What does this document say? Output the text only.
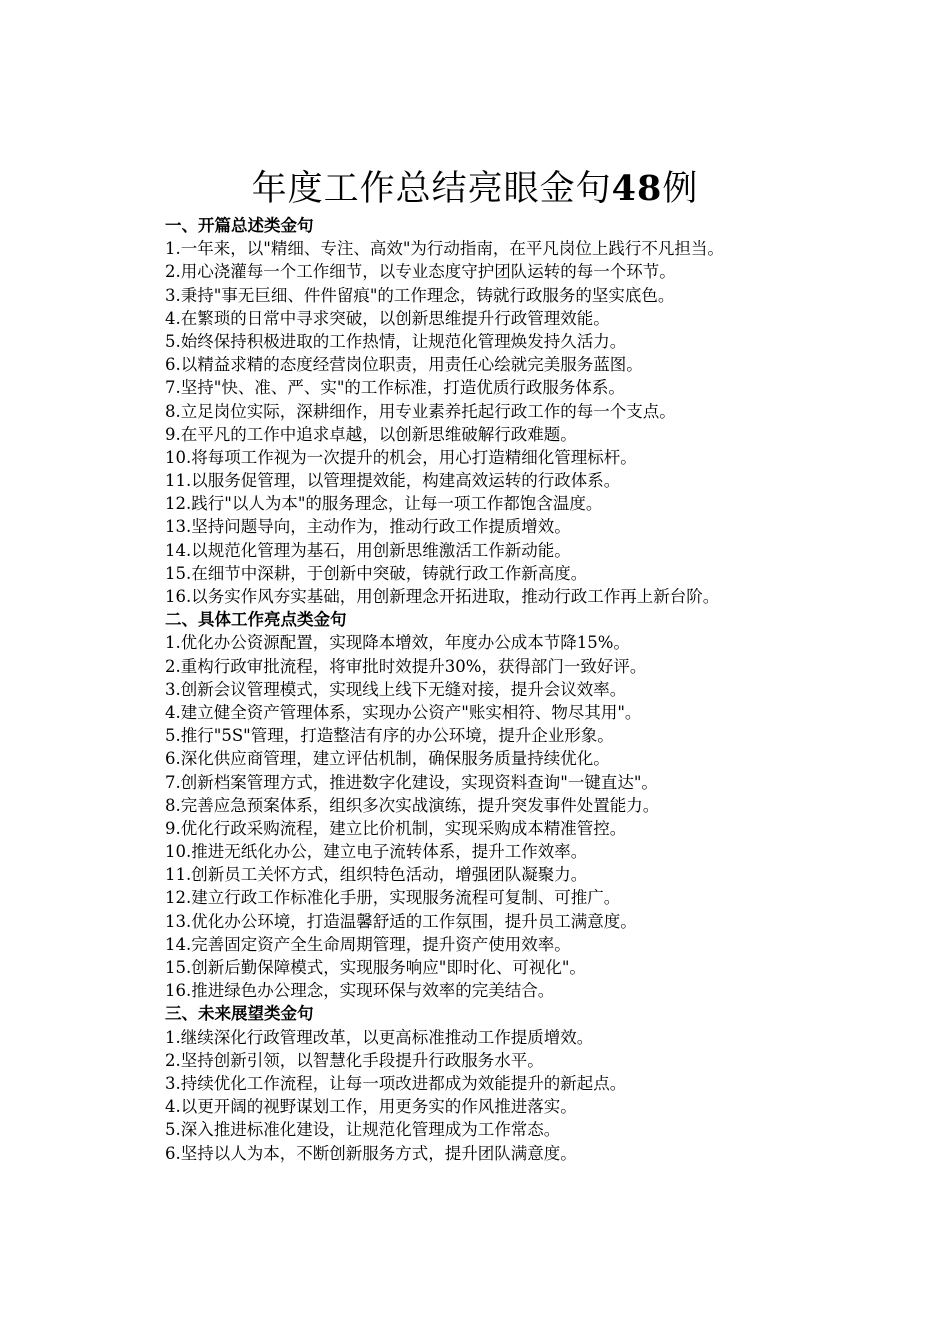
年度工作总结亮眼金句48例

一、开篇总述类金句

1.一年来，以"精细、专注、高效"为行动指南，在平凡岗位上践行不凡担当。

2.用心浇灌每一个工作细节，以专业态度守护团队运转的每一个环节。

3.秉持"事无巨细、件件留痕"的工作理念，铸就行政服务的坚实底色。

4.在繁琐的日常中寻求突破，以创新思维提升行政管理效能。

5.始终保持积极进取的工作热情，让规范化管理焕发持久活力。

6.以精益求精的态度经营岗位职责，用责任心绘就完美服务蓝图。

7.坚持"快、准、严、实"的工作标准，打造优质行政服务体系。

8.立足岗位实际，深耕细作，用专业素养托起行政工作的每一个支点。

9.在平凡的工作中追求卓越，以创新思维破解行政难题。

10.将每项工作视为一次提升的机会，用心打造精细化管理标杆。

11.以服务促管理，以管理提效能，构建高效运转的行政体系。

12.践行"以人为本"的服务理念，让每一项工作都饱含温度。

13.坚持问题导向，主动作为，推动行政工作提质增效。

14.以规范化管理为基石，用创新思维激活工作新动能。

15.在细节中深耕，于创新中突破，铸就行政工作新高度。

16.以务实作风夯实基础，用创新理念开拓进取，推动行政工作再上新台阶。

二、具体工作亮点类金句

1.优化办公资源配置，实现降本增效，年度办公成本节降15%。

2.重构行政审批流程，将审批时效提升30%，获得部门一致好评。

3.创新会议管理模式，实现线上线下无缝对接，提升会议效率。

4.建立健全资产管理体系，实现办公资产"账实相符、物尽其用"。

5.推行"5S"管理，打造整洁有序的办公环境，提升企业形象。

6.深化供应商管理，建立评估机制，确保服务质量持续优化。

7.创新档案管理方式，推进数字化建设，实现资料查询"一键直达"。

8.完善应急预案体系，组织多次实战演练，提升突发事件处置能力。

9.优化行政采购流程，建立比价机制，实现采购成本精准管控。

10.推进无纸化办公，建立电子流转体系，提升工作效率。

11.创新员工关怀方式，组织特色活动，增强团队凝聚力。

12.建立行政工作标准化手册，实现服务流程可复制、可推广。

13.优化办公环境，打造温馨舒适的工作氛围，提升员工满意度。

14.完善固定资产全生命周期管理，提升资产使用效率。

15.创新后勤保障模式，实现服务响应"即时化、可视化"。

16.推进绿色办公理念，实现环保与效率的完美结合。

三、未来展望类金句

1.继续深化行政管理改革，以更高标准推动工作提质增效。

2.坚持创新引领，以智慧化手段提升行政服务水平。

3.持续优化工作流程，让每一项改进都成为效能提升的新起点。

4.以更开阔的视野谋划工作，用更务实的作风推进落实。

5.深入推进标准化建设，让规范化管理成为工作常态。

6.坚持以人为本，不断创新服务方式，提升团队满意度。
